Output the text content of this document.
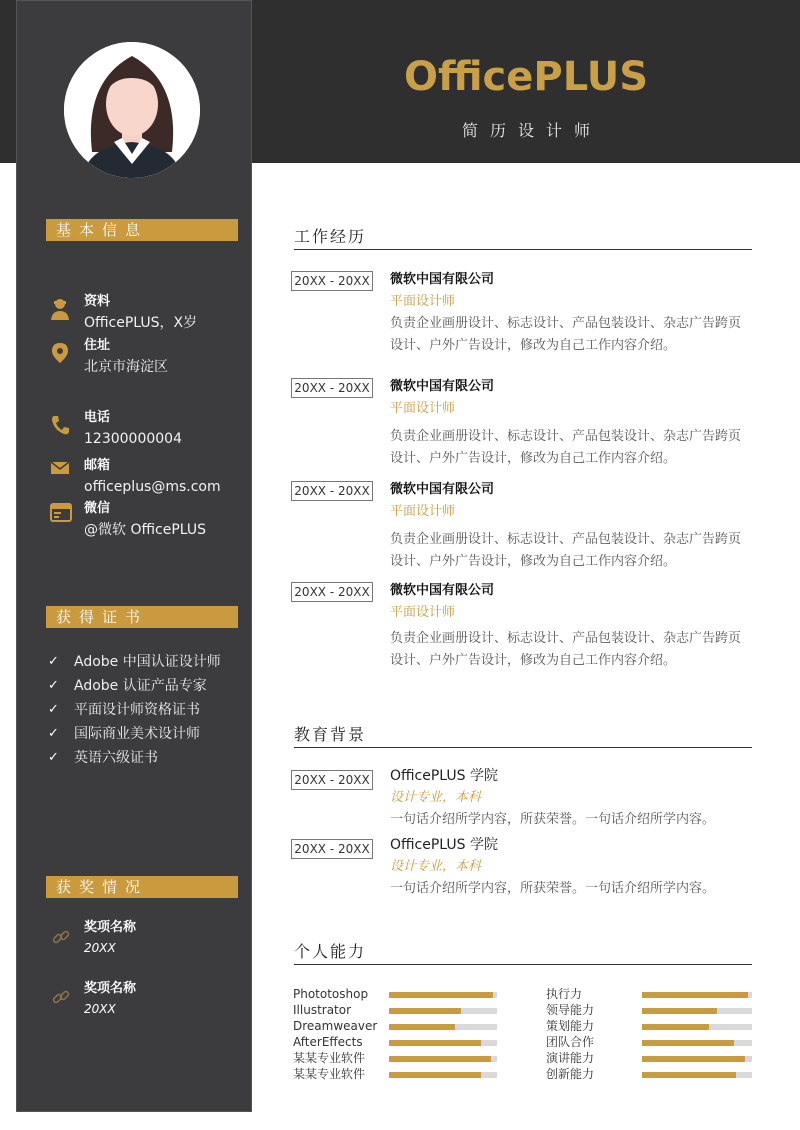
OfficePLUS
简历设计师
基本信息
资料
OfficePLUS，X岁
住址
北京市海淀区
电话
12300000004
邮箱
officeplus@ms.com
微信
@微软 OfficePLUS
获得证书
✓	Adobe 中国认证设计师
✓	Adobe 认证产品专家
✓	平面设计师资格证书
✓	国际商业美术设计师
✓	英语六级证书
获奖情况
奖项名称
20XX
奖项名称
20XX
工作经历
20XX - 20XX 微软中国有限公司
平面设计师
负责企业画册设计、标志设计、产品包装设计、杂志广告跨页设计、户外广告设计，修改为自己工作内容介绍。
20XX - 20XX 微软中国有限公司
平面设计师
负责企业画册设计、标志设计、产品包装设计、杂志广告跨页设计、户外广告设计，修改为自己工作内容介绍。
20XX - 20XX 微软中国有限公司
平面设计师
负责企业画册设计、标志设计、产品包装设计、杂志广告跨页设计、户外广告设计，修改为自己工作内容介绍。
20XX - 20XX 微软中国有限公司
平面设计师
负责企业画册设计、标志设计、产品包装设计、杂志广告跨页设计、户外广告设计，修改为自己工作内容介绍。
教育背景
20XX - 20XX OfficePLUS 学院
设计专业，本科
一句话介绍所学内容，所获荣誉。一句话介绍所学内容。
20XX - 20XX OfficePLUS 学院
设计专业，本科
一句话介绍所学内容，所获荣誉。一句话介绍所学内容。
个人能力
Phototoshop
Illustrator
Dreamweaver
AfterEffects
某某专业软件
某某专业软件
执行力
领导能力
策划能力
团队合作
演讲能力
创新能力
